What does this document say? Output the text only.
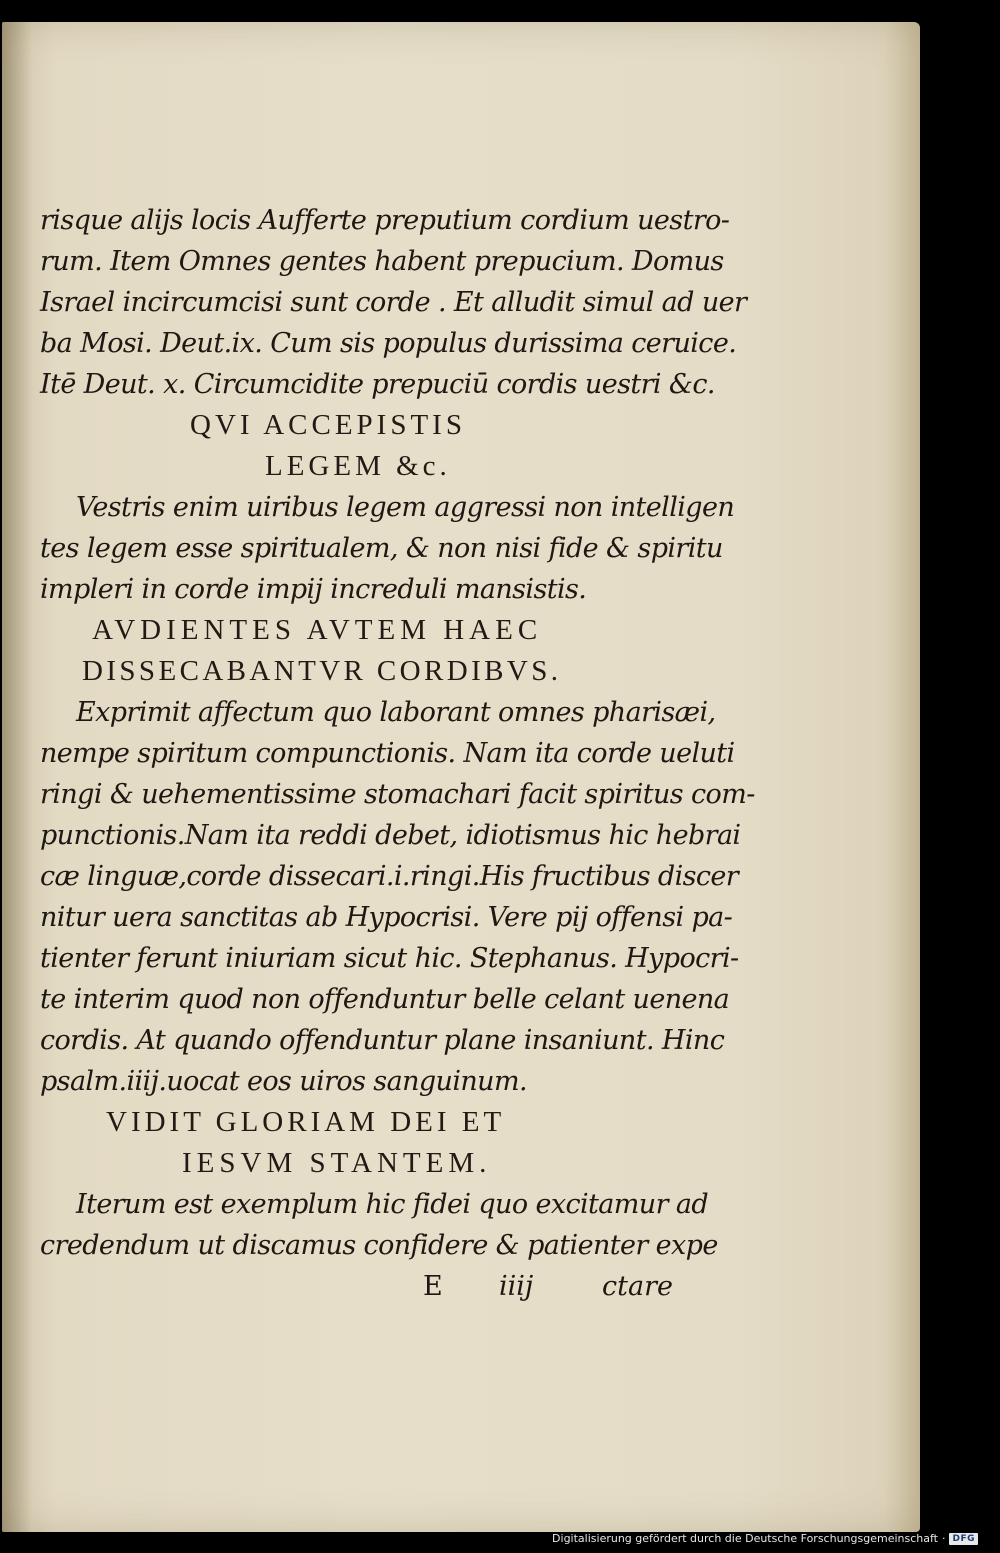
risque alijs locis Aufferte preputium cordium uestro-
rum. Item Omnes gentes habent prepucium. Domus
Israel incircumcisi sunt corde . Et alludit simul ad uer
ba Mosi. Deut.ix. Cum sis populus durissima ceruice.
Itē Deut. x. Circumcidite prepuciū cordis uestri &c.
QVI ACCEPISTIS
LEGEM &c.
Vestris enim uiribus legem aggressi non intelligen
tes legem esse spiritualem, & non nisi fide & spiritu
impleri in corde impij increduli mansistis.
AVDIENTES AVTEM HAEC
DISSECABANTVR CORDIBVS.
Exprimit affectum quo laborant omnes pharisæi,
nempe spiritum compunctionis. Nam ita corde ueluti
ringi & uehementissime stomachari facit spiritus com-
punctionis.Nam ita reddi debet, idiotismus hic hebrai
cæ linguæ,corde dissecari.i.ringi.His fructibus discer
nitur uera sanctitas ab Hypocrisi. Vere pij offensi pa-
tienter ferunt iniuriam sicut hic. Stephanus. Hypocri-
te interim quod non offenduntur belle celant uenena
cordis. At quando offenduntur plane insaniunt. Hinc
psalm.iiij.uocat eos uiros sanguinum.
VIDIT GLORIAM DEI ET
IESVM STANTEM.
Iterum est exemplum hic fidei quo excitamur ad
credendum ut discamus confidere & patienter expe
E iiij	ctare
Digitalisierung gefördert durch die Deutsche Forschungsgemeinschaft · DFG
